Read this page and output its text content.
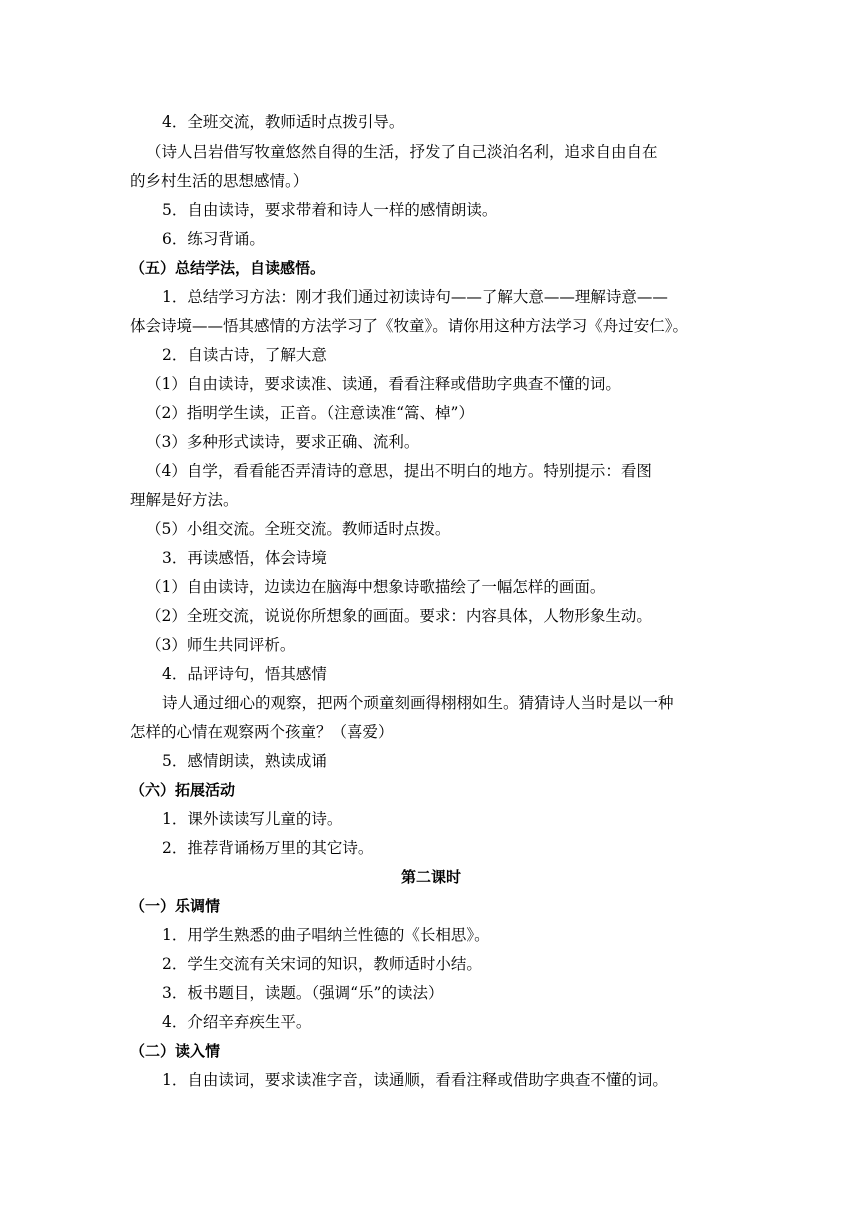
4．全班交流，教师适时点拨引导。
（诗人吕岩借写牧童悠然自得的生活，抒发了自己淡泊名利，追求自由自在
的乡村生活的思想感情。）
5．自由读诗，要求带着和诗人一样的感情朗读。
6．练习背诵。
（五）总结学法，自读感悟。
1．总结学习方法：刚才我们通过初读诗句——了解大意——理解诗意——
体会诗境——悟其感情的方法学习了《牧童》。请你用这种方法学习《舟过安仁》。
2．自读古诗，了解大意
（1）自由读诗，要求读准、读通，看看注释或借助字典查不懂的词。
（2）指明学生读，正音。（注意读准“篙、棹”）
（3）多种形式读诗，要求正确、流利。
（4）自学，看看能否弄清诗的意思，提出不明白的地方。特别提示：看图
理解是好方法。
（5）小组交流。全班交流。教师适时点拨。
3．再读感悟，体会诗境
（1）自由读诗，边读边在脑海中想象诗歌描绘了一幅怎样的画面。
（2）全班交流，说说你所想象的画面。要求：内容具体，人物形象生动。
（3）师生共同评析。
4．品评诗句，悟其感情
诗人通过细心的观察，把两个顽童刻画得栩栩如生。猜猜诗人当时是以一种
怎样的心情在观察两个孩童？（喜爱）
5．感情朗读，熟读成诵
（六）拓展活动
1．课外读读写儿童的诗。
2．推荐背诵杨万里的其它诗。
第二课时
（一）乐调情
1．用学生熟悉的曲子唱纳兰性德的《长相思》。
2．学生交流有关宋词的知识，教师适时小结。
3．板书题目，读题。（强调“乐”的读法）
4．介绍辛弃疾生平。
（二）读入情
1．自由读词，要求读准字音，读通顺，看看注释或借助字典查不懂的词。
